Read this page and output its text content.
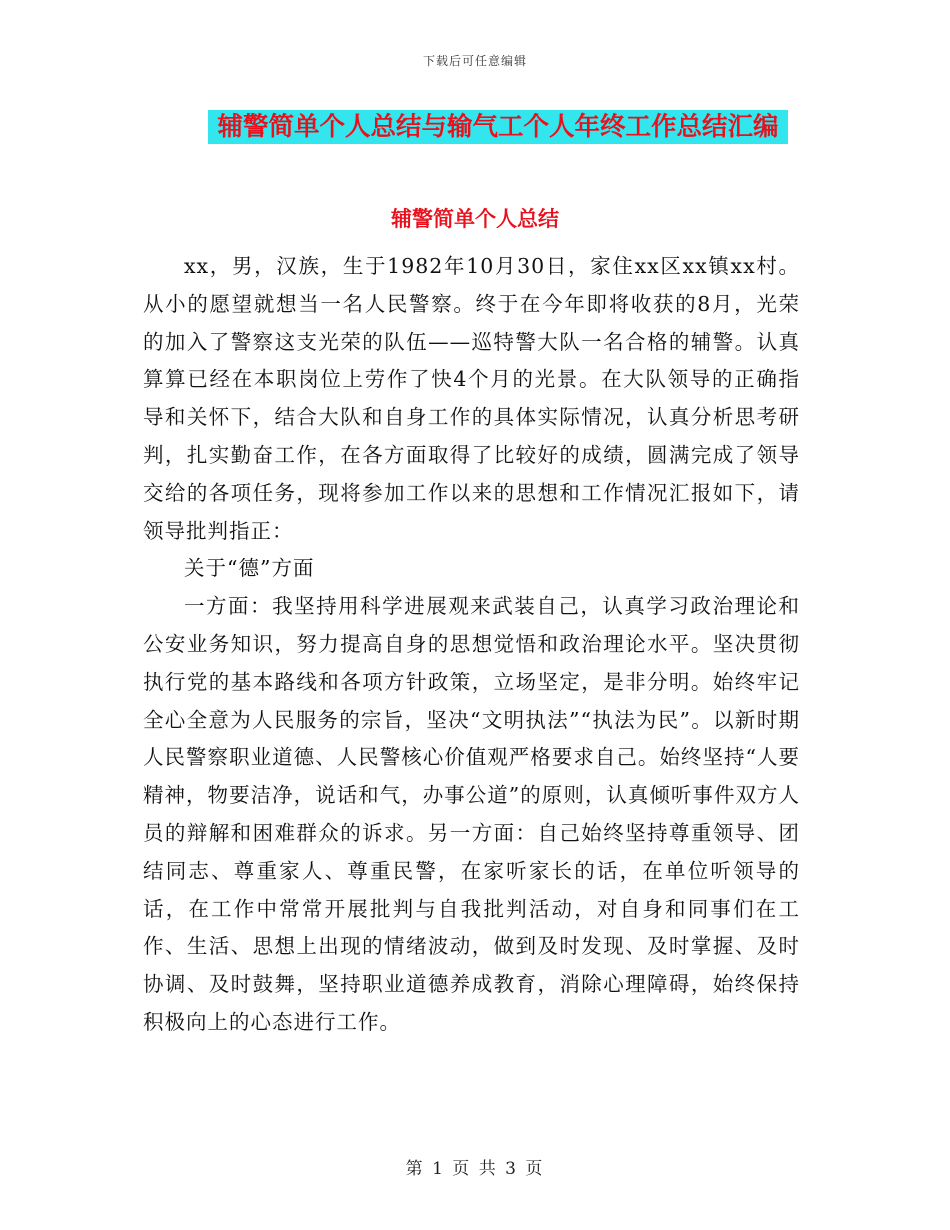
下载后可任意编辑
辅警简单个人总结与输气工个人年终工作总结汇编
辅警简单个人总结

xx，男，汉族，生于1982年10月30日，家住xx区xx镇xx村。从小的愿望就想当一名人民警察。终于在今年即将收获的8月，光荣的加入了警察这支光荣的队伍——巡特警大队一名合格的辅警。认真算算已经在本职岗位上劳作了快4个月的光景。在大队领导的正确指导和关怀下，结合大队和自身工作的具体实际情况，认真分析思考研判，扎实勤奋工作，在各方面取得了比较好的成绩，圆满完成了领导交给的各项任务，现将参加工作以来的思想和工作情况汇报如下，请领导批判指正：

关于“德”方面

一方面：我坚持用科学进展观来武装自己，认真学习政治理论和公安业务知识，努力提高自身的思想觉悟和政治理论水平。坚决贯彻执行党的基本路线和各项方针政策，立场坚定，是非分明。始终牢记全心全意为人民服务的宗旨，坚决“文明执法”“执法为民”。以新时期人民警察职业道德、人民警核心价值观严格要求自己。始终坚持“人要精神，物要洁净，说话和气，办事公道”的原则，认真倾听事件双方人员的辩解和困难群众的诉求。另一方面：自己始终坚持尊重领导、团结同志、尊重家人、尊重民警，在家听家长的话，在单位听领导的话，在工作中常常开展批判与自我批判活动，对自身和同事们在工作、生活、思想上出现的情绪波动，做到及时发现、及时掌握、及时协调、及时鼓舞，坚持职业道德养成教育，消除心理障碍，始终保持积极向上的心态进行工作。

第 1 页 共 3 页
